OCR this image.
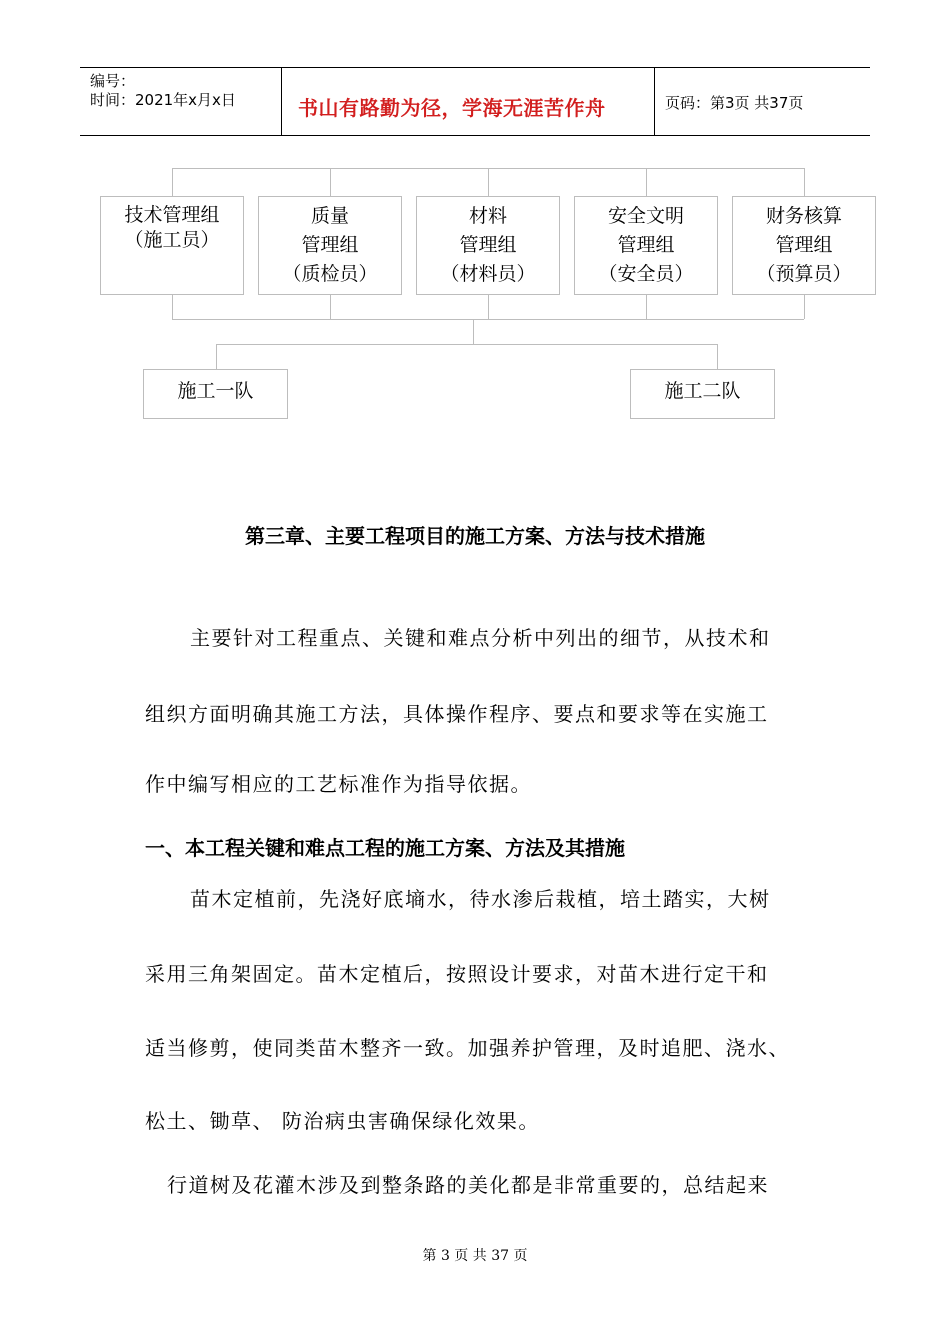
编号：
时间：2021年x月x日	书山有路勤为径，学海无涯苦作舟	页码：第3页 共37页
技术管理组
（施工员）
质量
管理组
（质检员）
材料
管理组
（材料员）
安全文明
管理组
（安全员）
财务核算
管理组
（预算员）
施工一队	施工二队
第三章、主要工程项目的施工方案、方法与技术措施
主要针对工程重点、关键和难点分析中列出的细节，从技术和
组织方面明确其施工方法，具体操作程序、要点和要求等在实施工
作中编写相应的工艺标准作为指导依据。
一、本工程关键和难点工程的施工方案、方法及其措施
苗木定植前，先浇好底墒水，待水渗后栽植，培土踏实，大树
采用三角架固定。苗木定植后，按照设计要求，对苗木进行定干和
适当修剪，使同类苗木整齐一致。加强养护管理，及时追肥、浇水、
松土、锄草、 防治病虫害确保绿化效果。
行道树及花灌木涉及到整条路的美化都是非常重要的，总结起来
第 3 页 共 37 页
